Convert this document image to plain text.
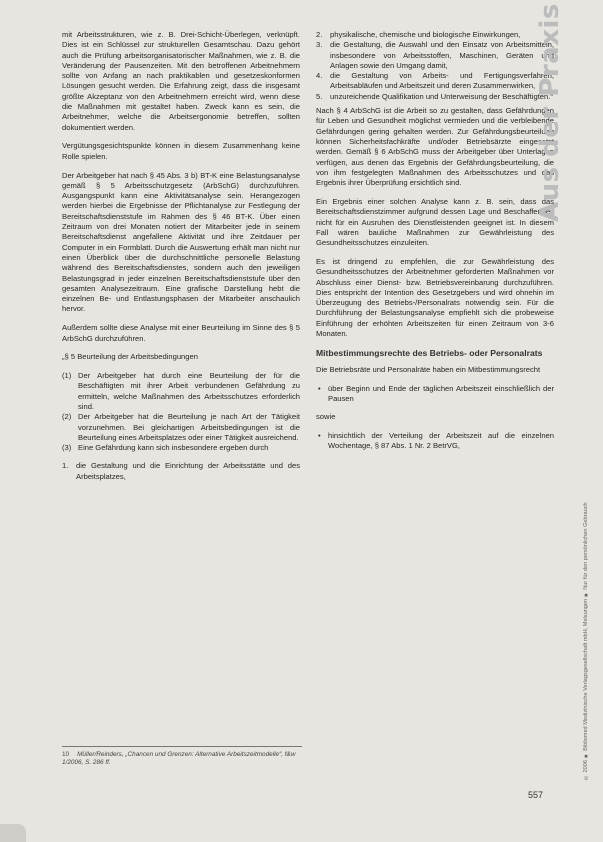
mit Arbeitsstrukturen, wie z. B. Drei-Schicht-Überlegen, verknüpft. Dies ist ein Schlüssel zur strukturellen Gesamtschau. Dazu gehört auch die Prüfung arbeitsorganisatorischer Maßnahmen, wie z. B. die Veränderung der Pausenzeiten. Mit den betroffenen Arbeitnehmern sollte von Anfang an nach praktikablen und gesetzeskonformen Lösungen gesucht werden. Die Erfahrung zeigt, dass die insgesamt größte Akzeptanz von den Arbeitnehmern erreicht wird, wenn diese die Maßnahmen mit gestaltet haben. Zweck kann es sein, die Arbeitnehmer, welche die Arbeitsergonomie betreffen, sollten dokumentiert werden.

Vergütungsgesichtspunkte können in diesem Zusammenhang keine Rolle spielen.

Der Arbeitgeber hat nach § 45 Abs. 3 b) BT-K eine Belastungsanalyse gemäß § 5 Arbeitsschutzgesetz (ArbSchG) durchzuführen. Ausgangspunkt kann eine Aktivitätsanalyse sein. Herangezogen werden hierbei die Ergebnisse der Pflichtanalyse zur Festlegung der Bereitschaftsdienststufe im Rahmen des § 46 BT-K. Über einen Zeitraum von drei Monaten notiert der Mitarbeiter jede in seinem Bereitschaftsdienst angefallene Aktivität und ihre Zeitdauer per Computer in ein Formblatt. Durch die Auswertung erhält man nicht nur einen Überblick über die durchschnittliche personelle Belastung während des Bereitschaftsdienstes, sondern auch den jeweiligen Belastungsgrad in jeder einzelnen Bereitschaftsdienststufe über den gesamten Analysezeitraum. Eine grafische Darstellung hebt die einzelnen Be- und Entlastungsphasen der Mitarbeiter anschaulich hervor.

Außerdem sollte diese Analyse mit einer Beurteilung im Sinne des § 5 ArbSchG durchzuführen.

„§ 5 Beurteilung der Arbeitsbedingungen

(1) Der Arbeitgeber hat durch eine Beurteilung der für die Beschäftigten mit ihrer Arbeit verbundenen Gefährdung zu ermitteln, welche Maßnahmen des Arbeitsschutzes erforderlich sind.
(2) Der Arbeitgeber hat die Beurteilung je nach Art der Tätigkeit vorzunehmen. Bei gleichartigen Arbeitsbedingungen ist die Beurteilung eines Arbeitsplatzes oder einer Tätigkeit ausreichend.
(3) Eine Gefährdung kann sich insbesondere ergeben durch
1. die Gestaltung und die Einrichtung der Arbeitsstätte und des Arbeitsplatzes,
2. physikalische, chemische und biologische Einwirkungen,
3. die Gestaltung, die Auswahl und den Einsatz von Arbeitsmitteln, insbesondere von Arbeitsstoffen, Maschinen, Geräten und Anlagen sowie den Umgang damit,
4. die Gestaltung von Arbeits- und Fertigungsverfahren, Arbeitsabläufen und Arbeitszeit und deren Zusammenwirken,
5. unzureichende Qualifikation und Unterweisung der Beschäftigten.“

Nach § 4 ArbSchG ist die Arbeit so zu gestalten, dass Gefährdungen für Leben und Gesundheit möglichst vermieden und die verbleibende Gefährdungen gering gehalten werden. Zur Gefährdungsbeurteilung können Sicherheitsfachkräfte und/oder Betriebsärzte eingesetzt werden. Gemäß § 6 ArbSchG muss der Arbeitgeber über Unterlagen verfügen, aus denen das Ergebnis der Gefährdungsbeurteilung, die von ihm festgelegten Maßnahmen des Arbeitsschutzes und das Ergebnis ihrer Überprüfung ersichtlich sind.

Ein Ergebnis einer solchen Analyse kann z. B. sein, dass das Bereitschaftsdienstzimmer aufgrund dessen Lage und Beschaffenheit nicht für ein Ausruhen des Dienstleistenden geeignet ist. In diesem Fall wären bauliche Maßnahmen zur Gewährleistung des Gesundheitsschutzes einzuleiten.

Es ist dringend zu empfehlen, die zur Gewährleistung des Gesundheitsschutzes der Arbeitnehmer geforderten Maßnahmen vor Abschluss einer Dienst- bzw. Betriebsvereinbarung durchzuführen. Dies entspricht der Intention des Gesetzgebers und wird ohnehin im Überzeugung des Betriebs-/Personalrats notwendig sein. Für die Durchführung der Belastungsanalyse empfiehlt sich die probeweise Einführung der erhöhten Arbeitszeiten für einen Zeitraum von 3-6 Monaten.

Mitbestimmungsrechte des Betriebs- oder Personalrats

Die Betriebsräte und Personalräte haben ein Mitbestimmungsrecht

• über Beginn und Ende der täglichen Arbeitszeit einschließlich der Pausen

sowie

• hinsichtlich der Verteilung der Arbeitszeit auf die einzelnen Wochentage, § 87 Abs. 1 Nr. 2 BetrVG,
10 Müller/Reinders, „Chancen und Grenzen: Alternative Arbeitszeitmodelle“, f&w 1/2006, S. 286 ff.
Aus der Praxis
© 2006 ■ Bibliomed Medizinische Verlagsgesellschaft mbH, Melsungen ■ Nur für den persönlichen Gebrauch
557
